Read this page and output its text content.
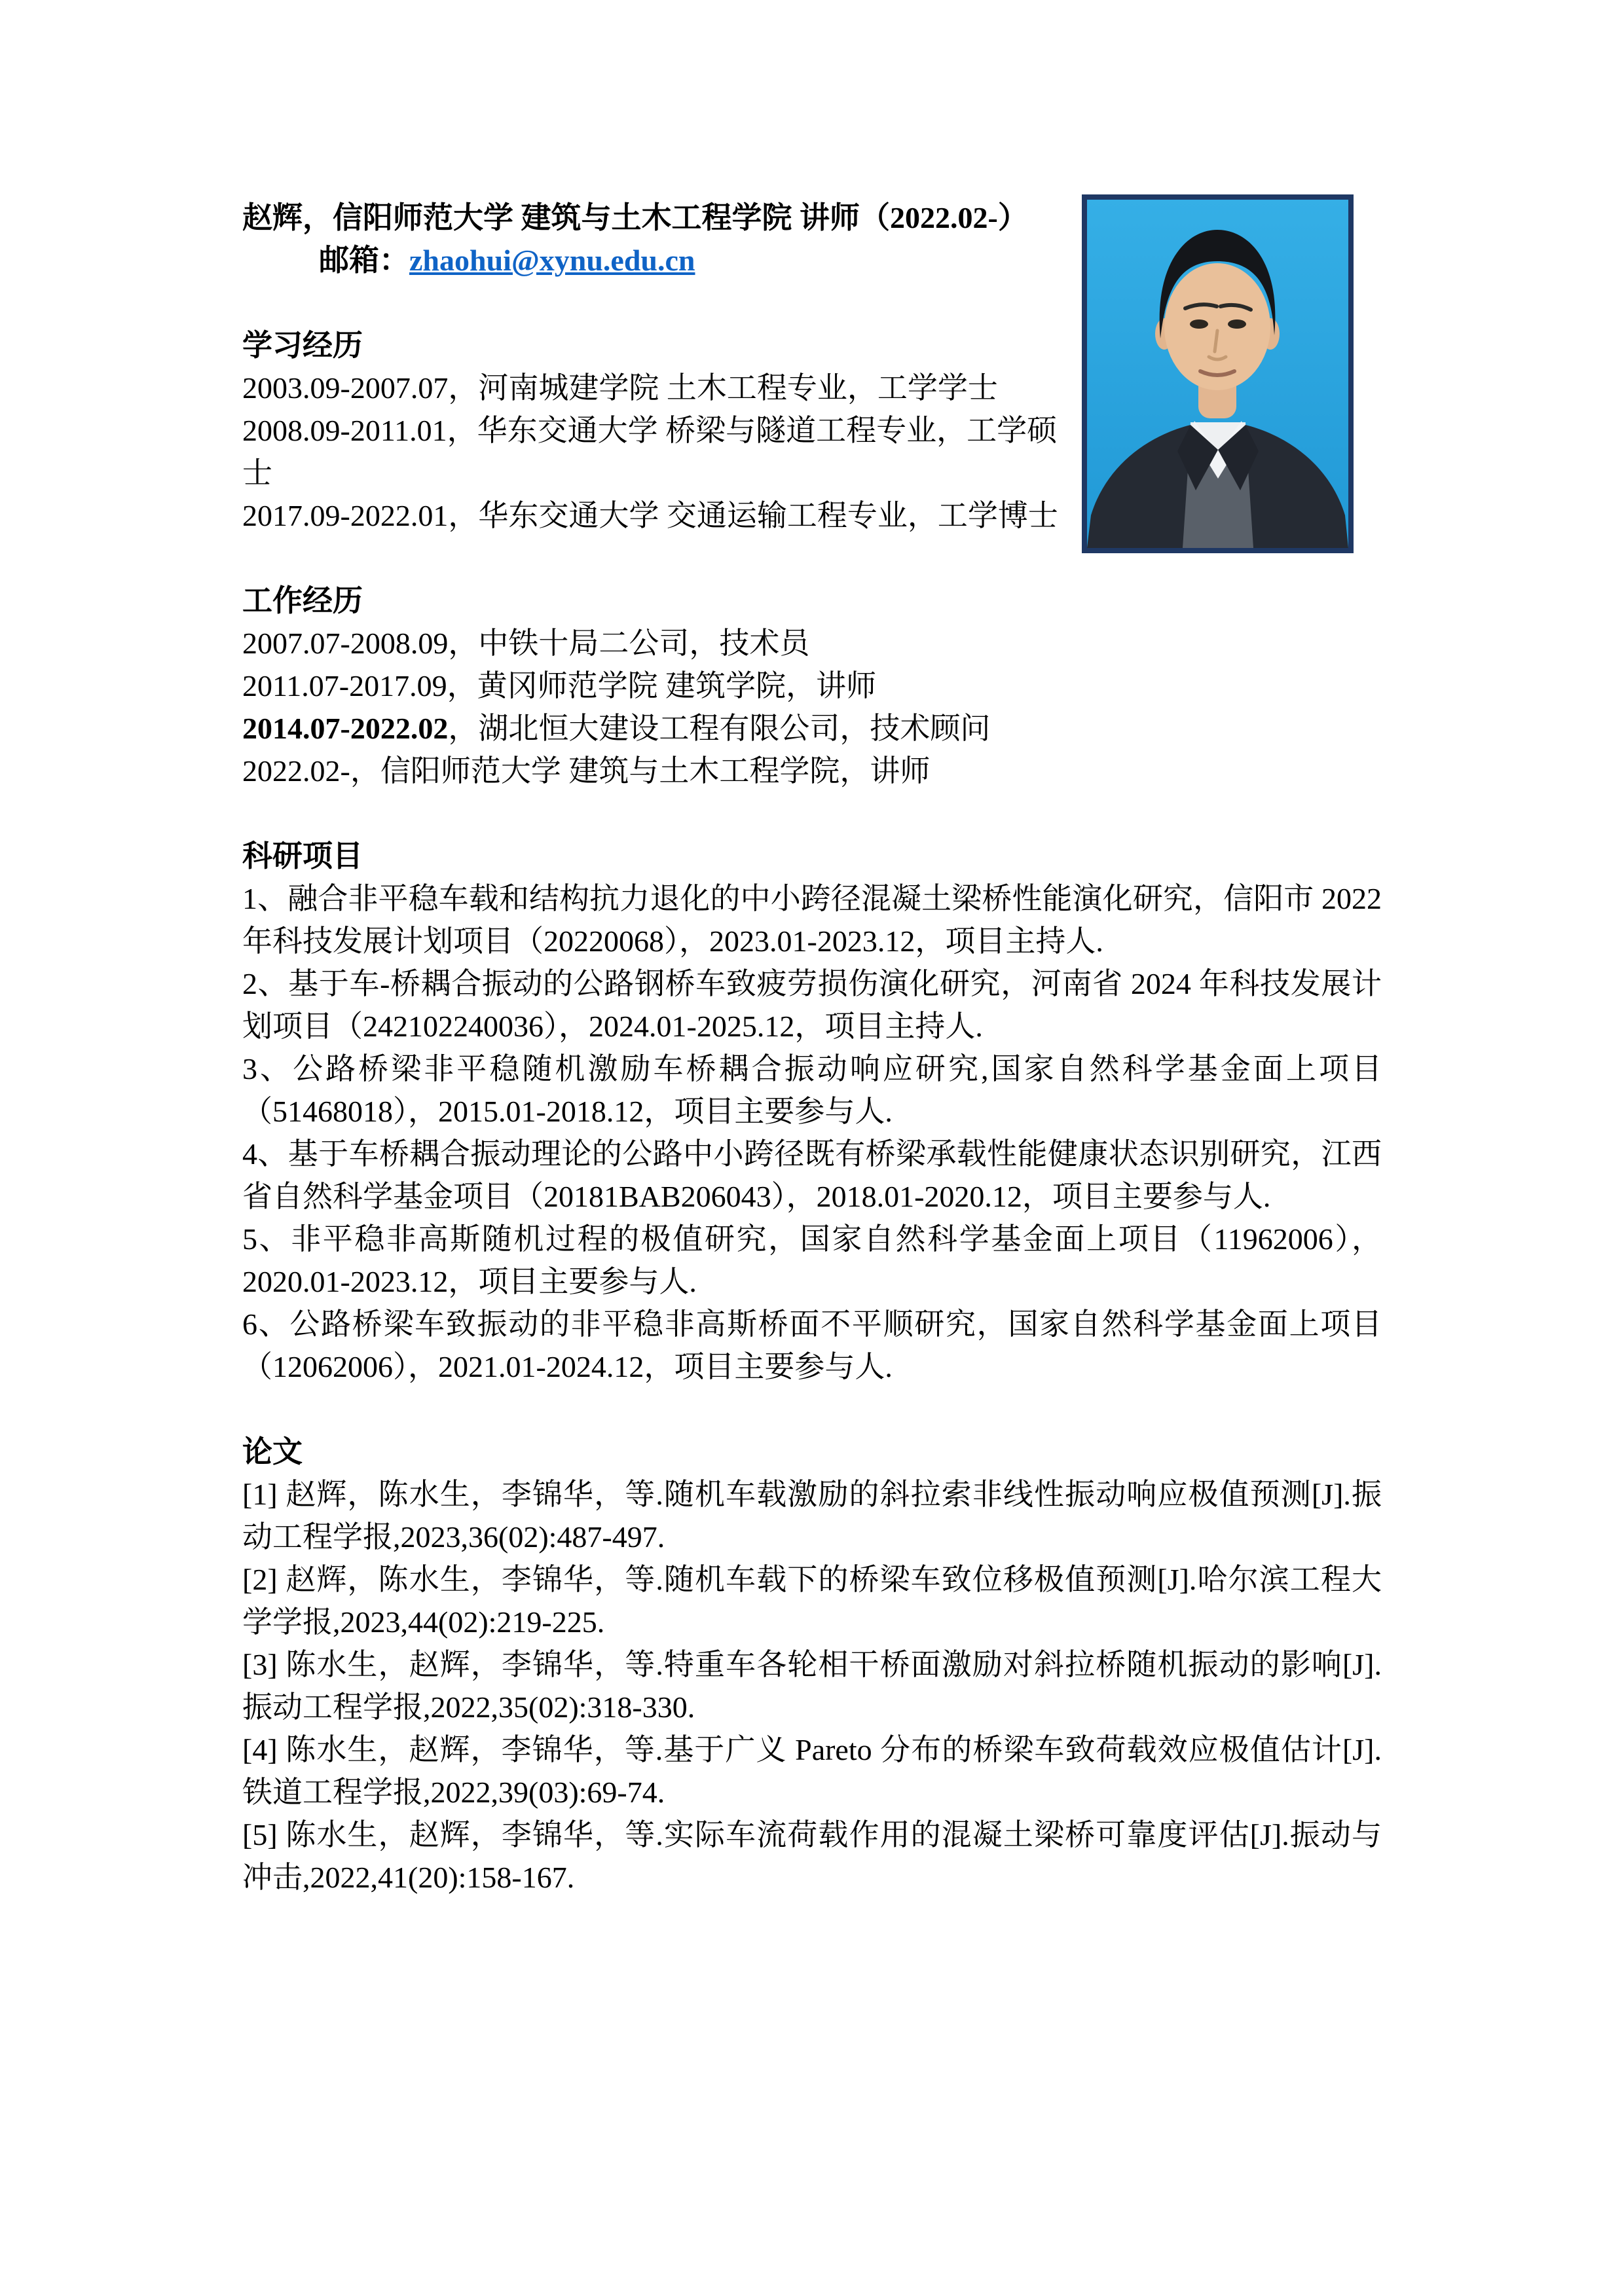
赵辉，信阳师范大学 建筑与土木工程学院 讲师（2022.02-）

邮箱：zhaohui@xynu.edu.cn

学习经历

2003.09-2007.07，河南城建学院 土木工程专业，工学学士

2008.09-2011.01，华东交通大学 桥梁与隧道工程专业，工学硕士

2017.09-2022.01，华东交通大学 交通运输工程专业，工学博士

工作经历

2007.07-2008.09，中铁十局二公司，技术员

2011.07-2017.09，黄冈师范学院 建筑学院，讲师

2014.07-2022.02，湖北恒大建设工程有限公司，技术顾问

2022.02-，信阳师范大学 建筑与土木工程学院，讲师

科研项目

1、融合非平稳车载和结构抗力退化的中小跨径混凝土梁桥性能演化研究，信阳市 2022 年科技发展计划项目（20220068），2023.01-2023.12，项目主持人.

2、基于车-桥耦合振动的公路钢桥车致疲劳损伤演化研究，河南省 2024 年科技发展计划项目（242102240036），2024.01-2025.12，项目主持人.

3、公路桥梁非平稳随机激励车桥耦合振动响应研究,国家自然科学基金面上项目（51468018），2015.01-2018.12，项目主要参与人.

4、基于车桥耦合振动理论的公路中小跨径既有桥梁承载性能健康状态识别研究，江西省自然科学基金项目（20181BAB206043），2018.01-2020.12，项目主要参与人.

5、非平稳非高斯随机过程的极值研究，国家自然科学基金面上项目（11962006），2020.01-2023.12，项目主要参与人.

6、公路桥梁车致振动的非平稳非高斯桥面不平顺研究，国家自然科学基金面上项目（12062006），2021.01-2024.12，项目主要参与人.

论文

[1] 赵辉，陈水生，李锦华，等.随机车载激励的斜拉索非线性振动响应极值预测[J].振动工程学报,2023,36(02):487-497.

[2] 赵辉，陈水生，李锦华，等.随机车载下的桥梁车致位移极值预测[J].哈尔滨工程大学学报,2023,44(02):219-225.

[3] 陈水生，赵辉，李锦华，等.特重车各轮相干桥面激励对斜拉桥随机振动的影响[J].振动工程学报,2022,35(02):318-330.

[4] 陈水生，赵辉，李锦华，等.基于广义 Pareto 分布的桥梁车致荷载效应极值估计[J].铁道工程学报,2022,39(03):69-74.

[5] 陈水生，赵辉，李锦华，等.实际车流荷载作用的混凝土梁桥可靠度评估[J].振动与冲击,2022,41(20):158-167.
